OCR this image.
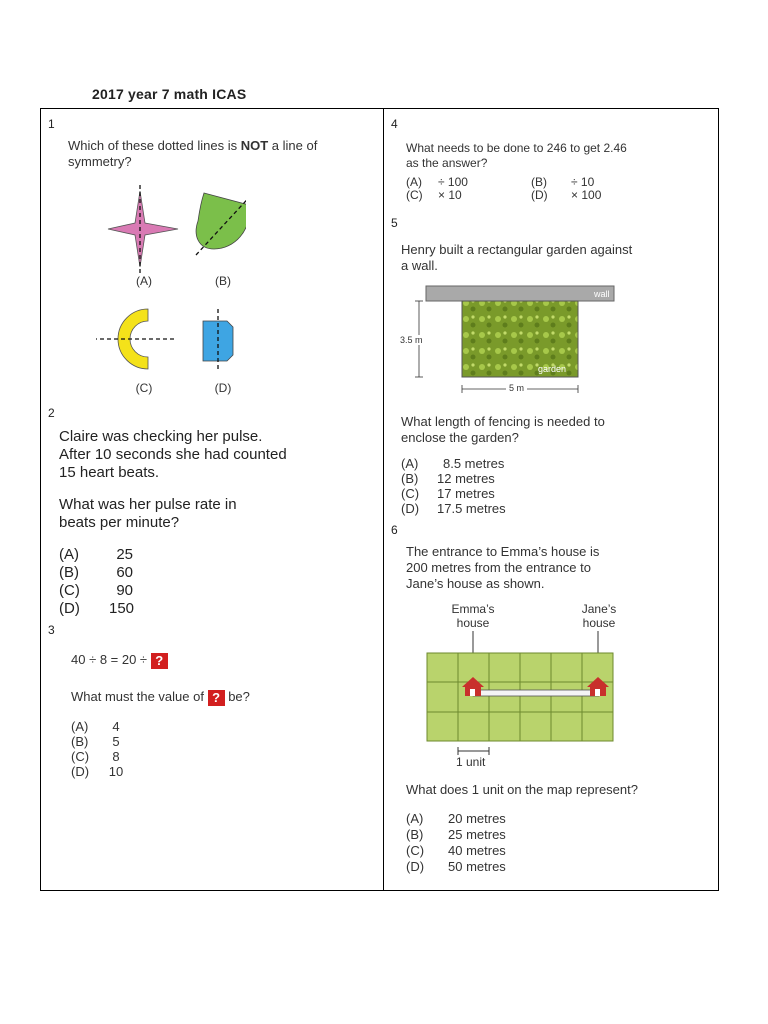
2017 year 7 math ICAS
1
Which of these dotted lines is NOT a line of symmetry?
(A)	(B)
(C)	(D)
2
Claire was checking her pulse.
After 10 seconds she had counted
15 heart beats.
What was her pulse rate in
beats per minute?
(A)	25
(B)	60
(C)	90
(D)	150
3
40 ÷ 8 = 20 ÷ ?
What must the value of ? be?
(A)	4
(B)	5
(C)	8
(D)	10
4
What needs to be done to 246 to get 2.46
as the answer?
(A)	÷ 100	(B)	÷ 10
(C)	× 10	(D)	× 100
5
Henry built a rectangular garden against
a wall.
wall
garden
3.5 m
5 m
What length of fencing is needed to
enclose the garden?
(A)	8.5 metres
(B)	12 metres
(C)	17 metres
(D)	17.5 metres
6
The entrance to Emma’s house is
200 metres from the entrance to
Jane’s house as shown.
Emma’s
house
Jane’s
house
1 unit
What does 1 unit on the map represent?
(A)	20 metres
(B)	25 metres
(C)	40 metres
(D)	50 metres
